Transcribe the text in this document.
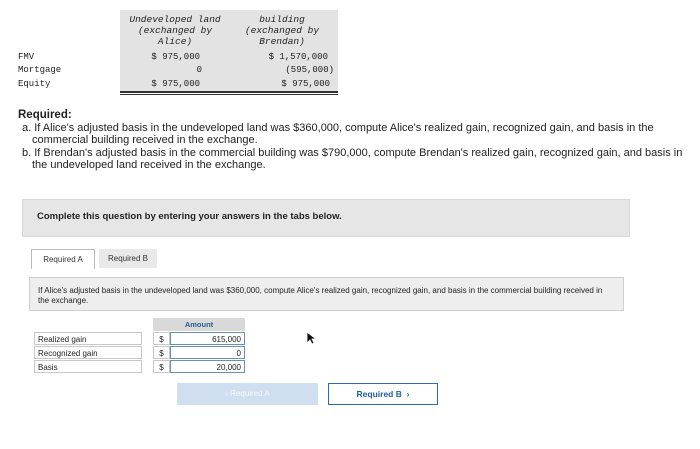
Undeveloped land
(exchanged by
Alice)
building
(exchanged by
Brendan)
FMV	$ 975,000	$ 1,570,000
Mortgage	0	(595,000)
Equity	$ 975,000	$ 975,000
Required:
a. If Alice's adjusted basis in the undeveloped land was $360,000, compute Alice's realized gain, recognized gain, and basis in the commercial building received in the exchange.
b. If Brendan's adjusted basis in the commercial building was $790,000, compute Brendan's realized gain, recognized gain, and basis in the undeveloped land received in the exchange.
Complete this question by entering your answers in the tabs below.
Required A	Required B

If Alice's adjusted basis in the undeveloped land was $360,000, compute Alice's realized gain, recognized gain, and basis in the commercial building received in the exchange.

Amount
Realized gain	$	615,000
Recognized gain	$	0
Basis	$	20,000
‹ Required A	Required B  ›
